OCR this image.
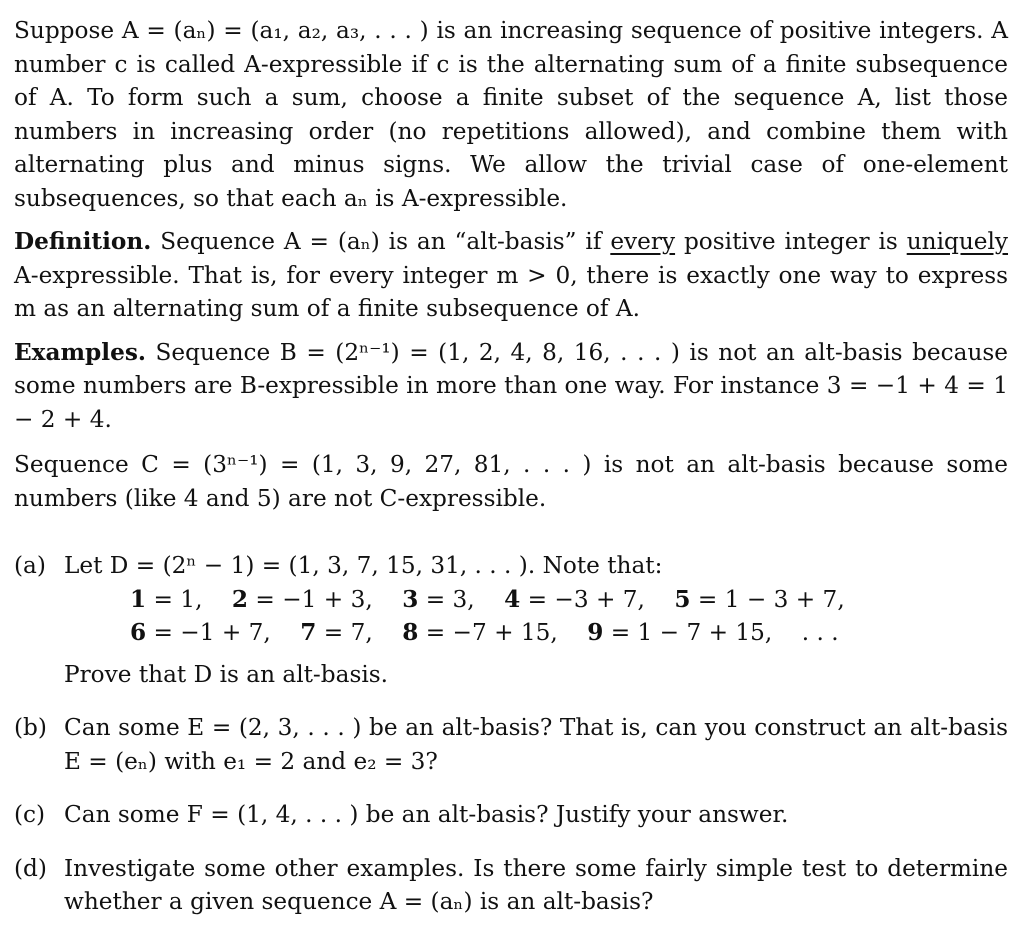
Suppose A = (aₙ) = (a₁, a₂, a₃, . . . ) is an increasing sequence of positive integers. A number c is called A-expressible if c is the alternating sum of a finite subsequence of A. To form such a sum, choose a finite subset of the sequence A, list those numbers in increasing order (no repetitions allowed), and combine them with alternating plus and minus signs. We allow the trivial case of one-element subsequences, so that each aₙ is A-expressible.

Definition. Sequence A = (aₙ) is an “alt-basis” if every positive integer is uniquely A-expressible. That is, for every integer m > 0, there is exactly one way to express m as an alternating sum of a finite subsequence of A.

Examples. Sequence B = (2ⁿ⁻¹) = (1, 2, 4, 8, 16, . . . ) is not an alt-basis because some numbers are B-expressible in more than one way. For instance 3 = −1 + 4 = 1 − 2 + 4.

Sequence C = (3ⁿ⁻¹) = (1, 3, 9, 27, 81, . . . ) is not an alt-basis because some numbers (like 4 and 5) are not C-expressible.

(a) Let D = (2ⁿ − 1) = (1, 3, 7, 15, 31, . . . ). Note that:
1 = 1,    2 = −1 + 3,    3 = 3,    4 = −3 + 7,    5 = 1 − 3 + 7,
6 = −1 + 7,    7 = 7,    8 = −7 + 15,    9 = 1 − 7 + 15,    . . .
Prove that D is an alt-basis.
(b) Can some E = (2, 3, . . . ) be an alt-basis? That is, can you construct an alt-basis E = (eₙ) with e₁ = 2 and e₂ = 3?
(c) Can some F = (1, 4, . . . ) be an alt-basis? Justify your answer.
(d) Investigate some other examples. Is there some fairly simple test to determine whether a given sequence A = (aₙ) is an alt-basis?
